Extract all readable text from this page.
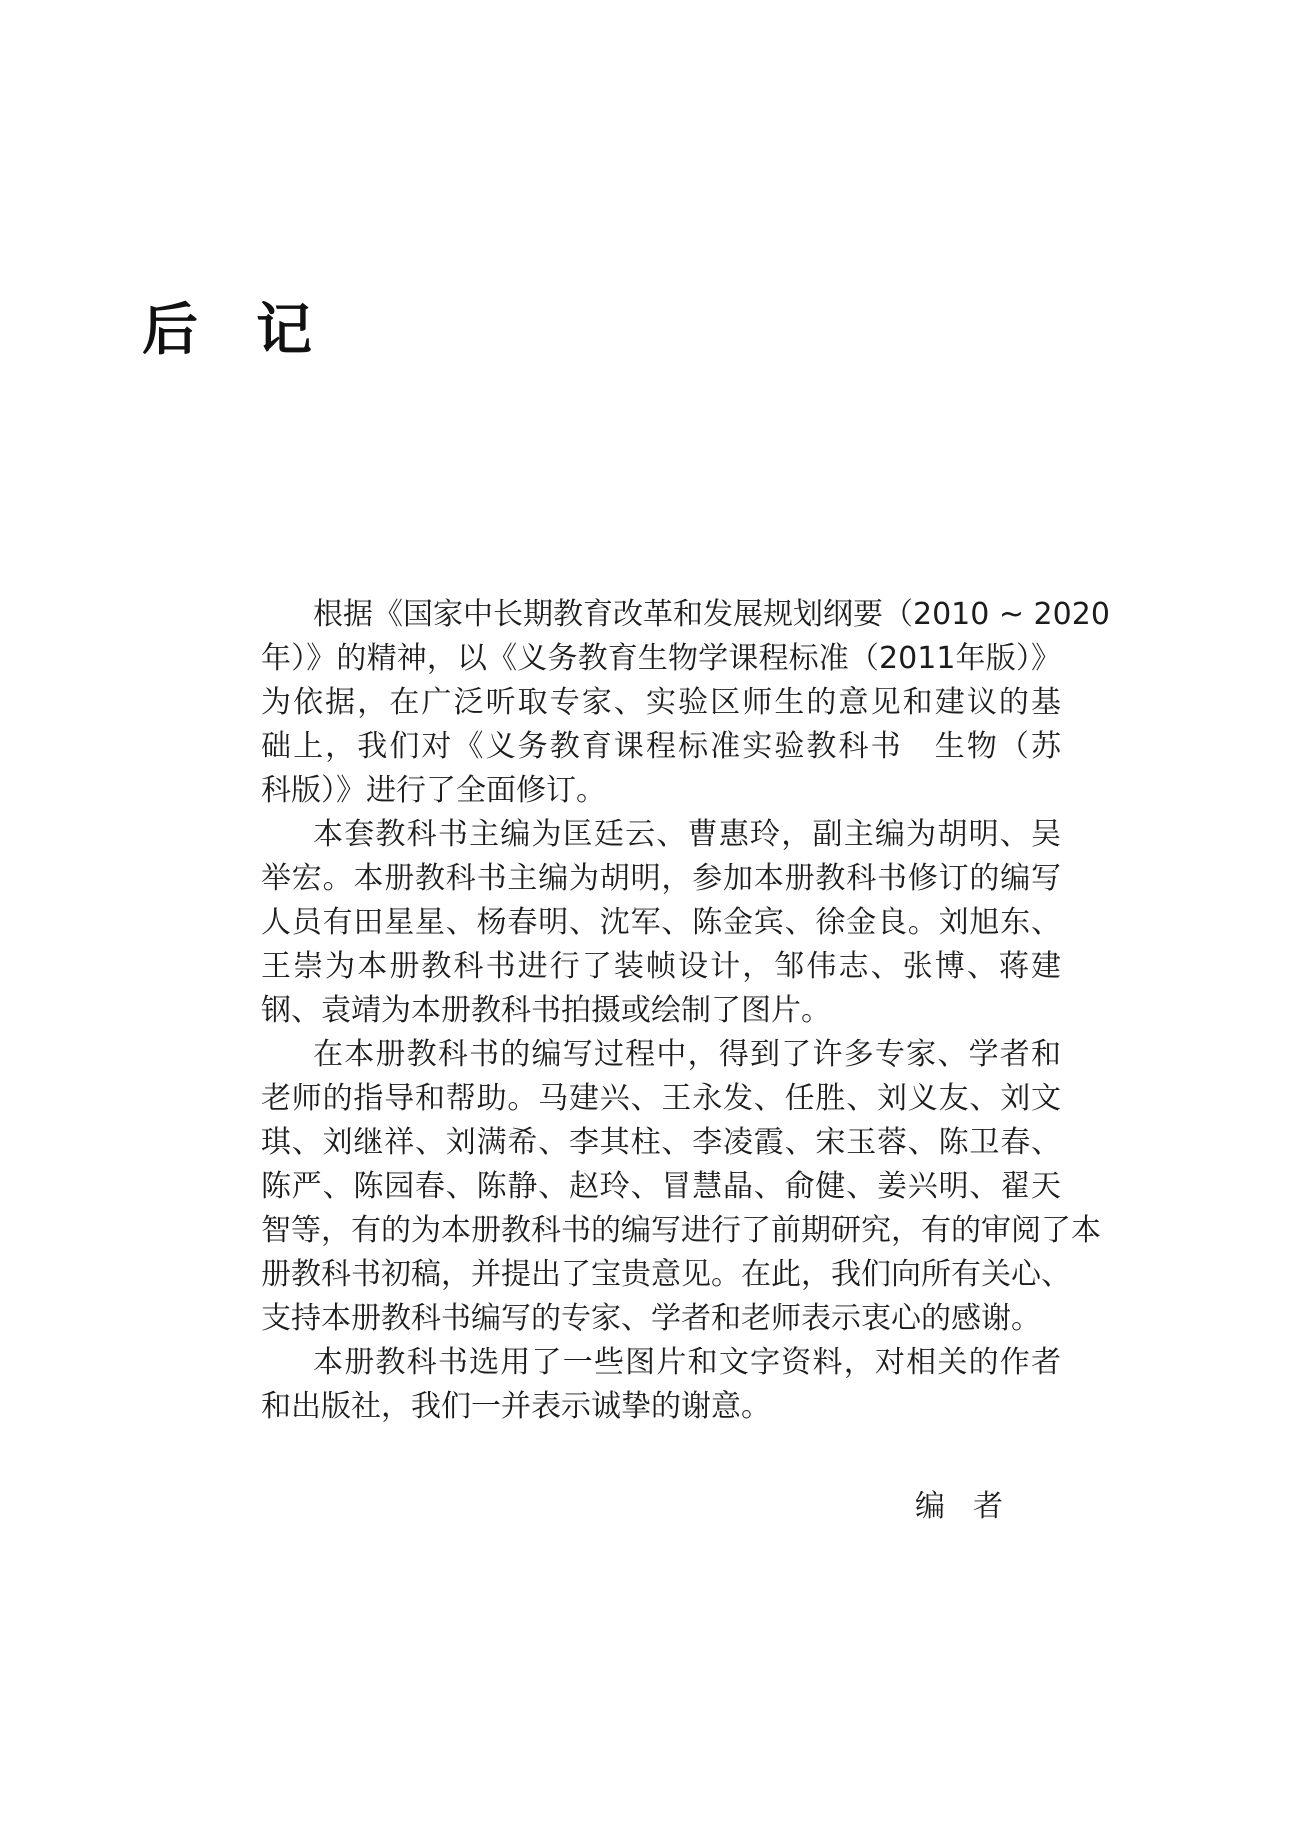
后 记
根据《国家中长期教育改革和发展规划纲要（2010 ~ 2020
年）》的精神，以《义务教育生物学课程标准（2011年版）》
为依据，在广泛听取专家、实验区师生的意见和建议的基
础上，我们对《义务教育课程标准实验教科书　生物（苏
科版）》进行了全面修订。
本套教科书主编为匡廷云、曹惠玲，副主编为胡明、吴
举宏。本册教科书主编为胡明，参加本册教科书修订的编写
人员有田星星、杨春明、沈军、陈金宾、徐金良。刘旭东、
王崇为本册教科书进行了装帧设计，邹伟志、张博、蒋建
钢、袁靖为本册教科书拍摄或绘制了图片。
在本册教科书的编写过程中，得到了许多专家、学者和
老师的指导和帮助。马建兴、王永发、任胜、刘义友、刘文
琪、刘继祥、刘满希、李其柱、李凌霞、宋玉蓉、陈卫春、
陈严、陈园春、陈静、赵玲、冒慧晶、俞健、姜兴明、翟天
智等，有的为本册教科书的编写进行了前期研究，有的审阅了本
册教科书初稿，并提出了宝贵意见。在此，我们向所有关心、
支持本册教科书编写的专家、学者和老师表示衷心的感谢。
本册教科书选用了一些图片和文字资料，对相关的作者
和出版社，我们一并表示诚挚的谢意。
编 者
